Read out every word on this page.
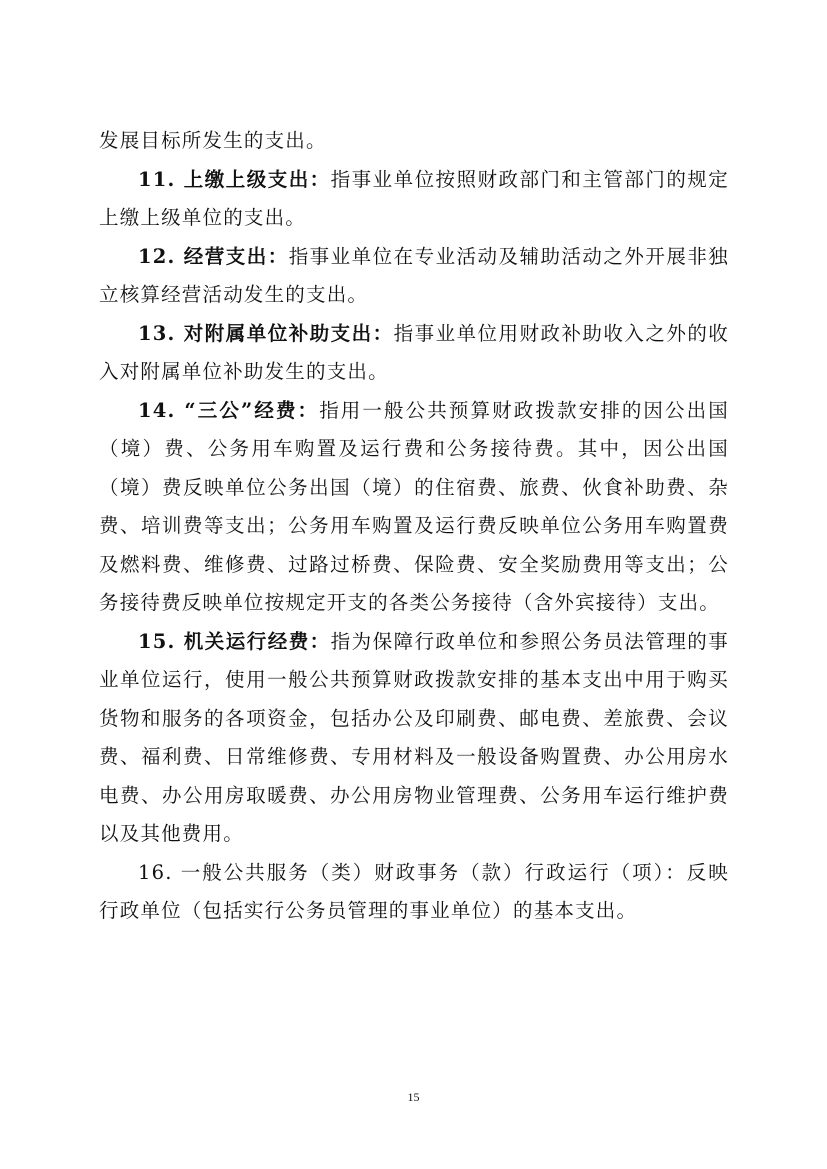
发展目标所发生的支出。

11. 上缴上级支出：指事业单位按照财政部门和主管部门的规定上缴上级单位的支出。

12. 经营支出：指事业单位在专业活动及辅助活动之外开展非独立核算经营活动发生的支出。

13. 对附属单位补助支出：指事业单位用财政补助收入之外的收入对附属单位补助发生的支出。

14. “三公”经费：指用一般公共预算财政拨款安排的因公出国（境）费、公务用车购置及运行费和公务接待费。其中，因公出国（境）费反映单位公务出国（境）的住宿费、旅费、伙食补助费、杂费、培训费等支出；公务用车购置及运行费反映单位公务用车购置费及燃料费、维修费、过路过桥费、保险费、安全奖励费用等支出；公务接待费反映单位按规定开支的各类公务接待（含外宾接待）支出。

15. 机关运行经费：指为保障行政单位和参照公务员法管理的事业单位运行，使用一般公共预算财政拨款安排的基本支出中用于购买货物和服务的各项资金，包括办公及印刷费、邮电费、差旅费、会议费、福利费、日常维修费、专用材料及一般设备购置费、办公用房水电费、办公用房取暖费、办公用房物业管理费、公务用车运行维护费以及其他费用。

16. 一般公共服务（类）财政事务（款）行政运行（项）：反映行政单位（包括实行公务员管理的事业单位）的基本支出。

15
